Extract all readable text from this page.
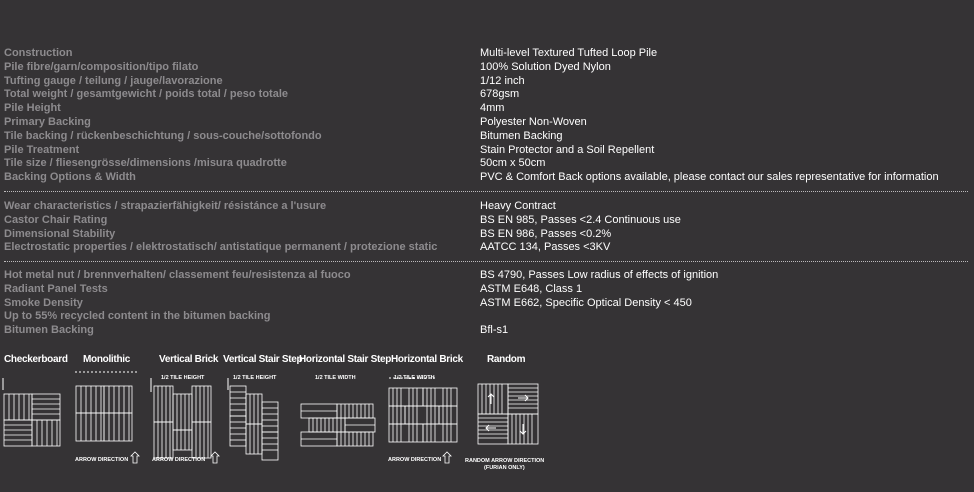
Construction	Multi-level Textured Tufted Loop Pile
Pile fibre/garn/composition/tipo filato	100% Solution Dyed Nylon
Tufting gauge / teilung / jauge/lavorazione	1/12 inch
Total weight / gesamtgewicht / poids total / peso totale	678gsm
Pile Height	4mm
Primary Backing	Polyester Non-Woven
Tile backing / rückenbeschichtung / sous-couche/sottofondo	Bitumen Backing
Pile Treatment	Stain Protector and a Soil Repellent
Tile size / fliesengrösse/dimensions /misura quadrotte	50cm x 50cm
Backing Options & Width	PVC & Comfort Back options available, please contact our sales representative for information
Wear characteristics / strapazierfähigkeit/ résistánce a l'usure	Heavy Contract
Castor Chair Rating	BS EN 985, Passes <2.4 Continuous use
Dimensional Stability	BS EN 986, Passes <0.2%
Electrostatic properties / elektrostatisch/ antistatique permanent / protezione static	AATCC 134, Passes <3KV
Hot metal nut / brennverhalten/ classement feu/resistenza al fuoco	BS 4790, Passes Low radius of effects of ignition
Radiant Panel Tests	ASTM E648, Class 1
Smoke Density	ASTM E662, Specific Optical Density < 450
Up to 55% recycled content in the bitumen backing
Bitumen Backing	Bfl-s1
Checkerboard Monolithic
ARROW DIRECTION
Vertical Brick
1/2 TILE HEIGHT
ARROW DIRECTION
Vertical Stair Step
1/2 TILE HEIGHT
Horizontal Stair Step
1/2 TILE WIDTH
Horizontal Brick
1/2 TILE WIDTH
ARROW DIRECTION
Random
RANDOM ARROW DIRECTION
(FURIAN ONLY)
